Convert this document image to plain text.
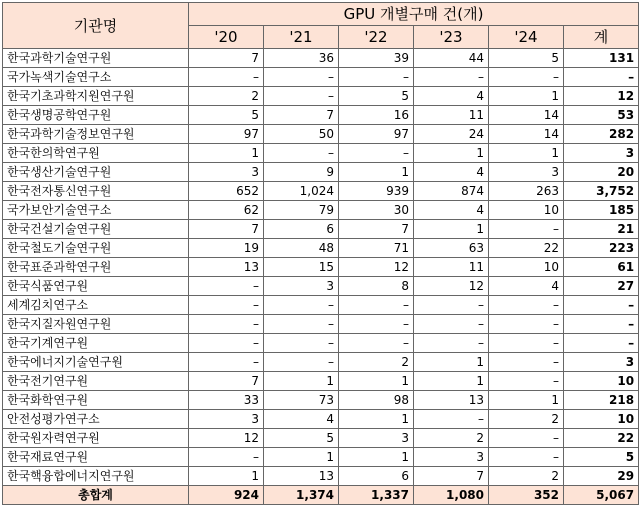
기관명	GPU 개별구매 건(개)					
	'20	'21	'22	'23	'24	계
한국과학기술연구원	7	36	39	44	5	131
국가녹색기술연구소	–	–	–	–	–	–
한국기초과학지원연구원	2	–	5	4	1	12
한국생명공학연구원	5	7	16	11	14	53
한국과학기술정보연구원	97	50	97	24	14	282
한국한의학연구원	1	–	–	1	1	3
한국생산기술연구원	3	9	1	4	3	20
한국전자통신연구원	652	1,024	939	874	263	3,752
국가보안기술연구소	62	79	30	4	10	185
한국건설기술연구원	7	6	7	1	–	21
한국철도기술연구원	19	48	71	63	22	223
한국표준과학연구원	13	15	12	11	10	61
한국식품연구원	–	3	8	12	4	27
세계김치연구소	–	–	–	–	–	–
한국지질자원연구원	–	–	–	–	–	–
한국기계연구원	–	–	–	–	–	–
한국에너지기술연구원	–	–	2	1	–	3
한국전기연구원	7	1	1	1	–	10
한국화학연구원	33	73	98	13	1	218
안전성평가연구소	3	4	1	–	2	10
한국원자력연구원	12	5	3	2	–	22
한국재료연구원	–	1	1	3	–	5
한국핵융합에너지연구원	1	13	6	7	2	29
총합계	924	1,374	1,337	1,080	352	5,067
